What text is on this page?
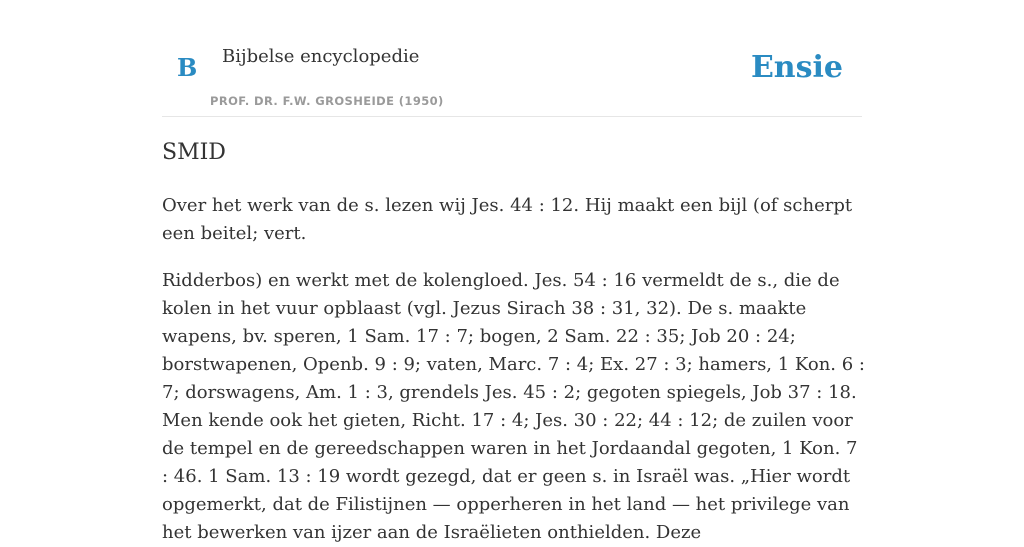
B Bijbelse encyclopedie
PROF. DR. F.W. GROSHEIDE (1950)
Ensie
SMID

Over het werk van de s. lezen wij Jes. 44 : 12. Hij maakt een bijl (of scherpt een beitel; vert.

Ridderbos) en werkt met de kolengloed. Jes. 54 : 16 vermeldt de s., die de kolen in het vuur opblaast (vgl. Jezus Sirach 38 : 31, 32). De s. maakte wapens, bv. speren, 1 Sam. 17 : 7; bogen, 2 Sam. 22 : 35; Job 20 : 24; borstwapenen, Openb. 9 : 9; vaten, Marc. 7 : 4; Ex. 27 : 3; hamers, 1 Kon. 6 : 7; dorswagens, Am. 1 : 3, grendels Jes. 45 : 2; gegoten spiegels, Job 37 : 18. Men kende ook het gieten, Richt. 17 : 4; Jes. 30 : 22; 44 : 12; de zuilen voor de tempel en de gereedschappen waren in het Jordaandal gegoten, 1 Kon. 7 : 46. 1 Sam. 13 : 19 wordt gezegd, dat er geen s. in Israël was. „Hier wordt opgemerkt, dat de Filistijnen — opperheren in het land — het privilege van het bewerken van ijzer aan de Israëlieten onthielden. Deze
